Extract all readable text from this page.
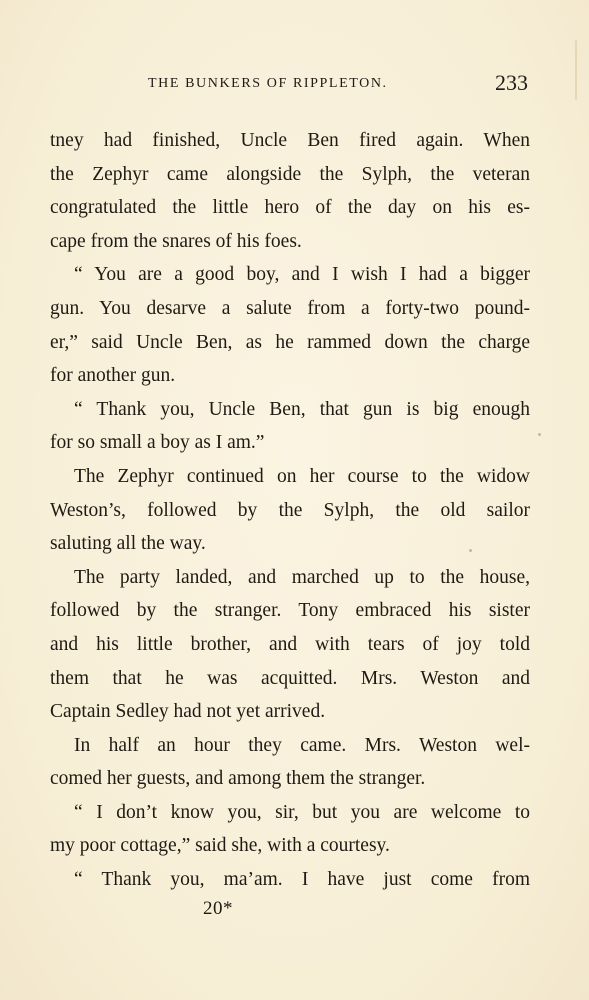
THE BUNKERS OF RIPPLETON.	233
tney had finished, Uncle Ben fired again. When
the Zephyr came alongside the Sylph, the veteran
congratulated the little hero of the day on his es-
cape from the snares of his foes.
“ You are a good boy, and I wish I had a bigger
gun. You desarve a salute from a forty-two pound-
er,” said Uncle Ben, as he rammed down the charge
for another gun.
“ Thank you, Uncle Ben, that gun is big enough
for so small a boy as I am.”
The Zephyr continued on her course to the widow
Weston’s, followed by the Sylph, the old sailor
saluting all the way.
The party landed, and marched up to the house,
followed by the stranger. Tony embraced his sister
and his little brother, and with tears of joy told
them that he was acquitted. Mrs. Weston and
Captain Sedley had not yet arrived.
In half an hour they came. Mrs. Weston wel-
comed her guests, and among them the stranger.
“ I don’t know you, sir, but you are welcome to
my poor cottage,” said she, with a courtesy.
“ Thank you, ma’am. I have just come from
20*
